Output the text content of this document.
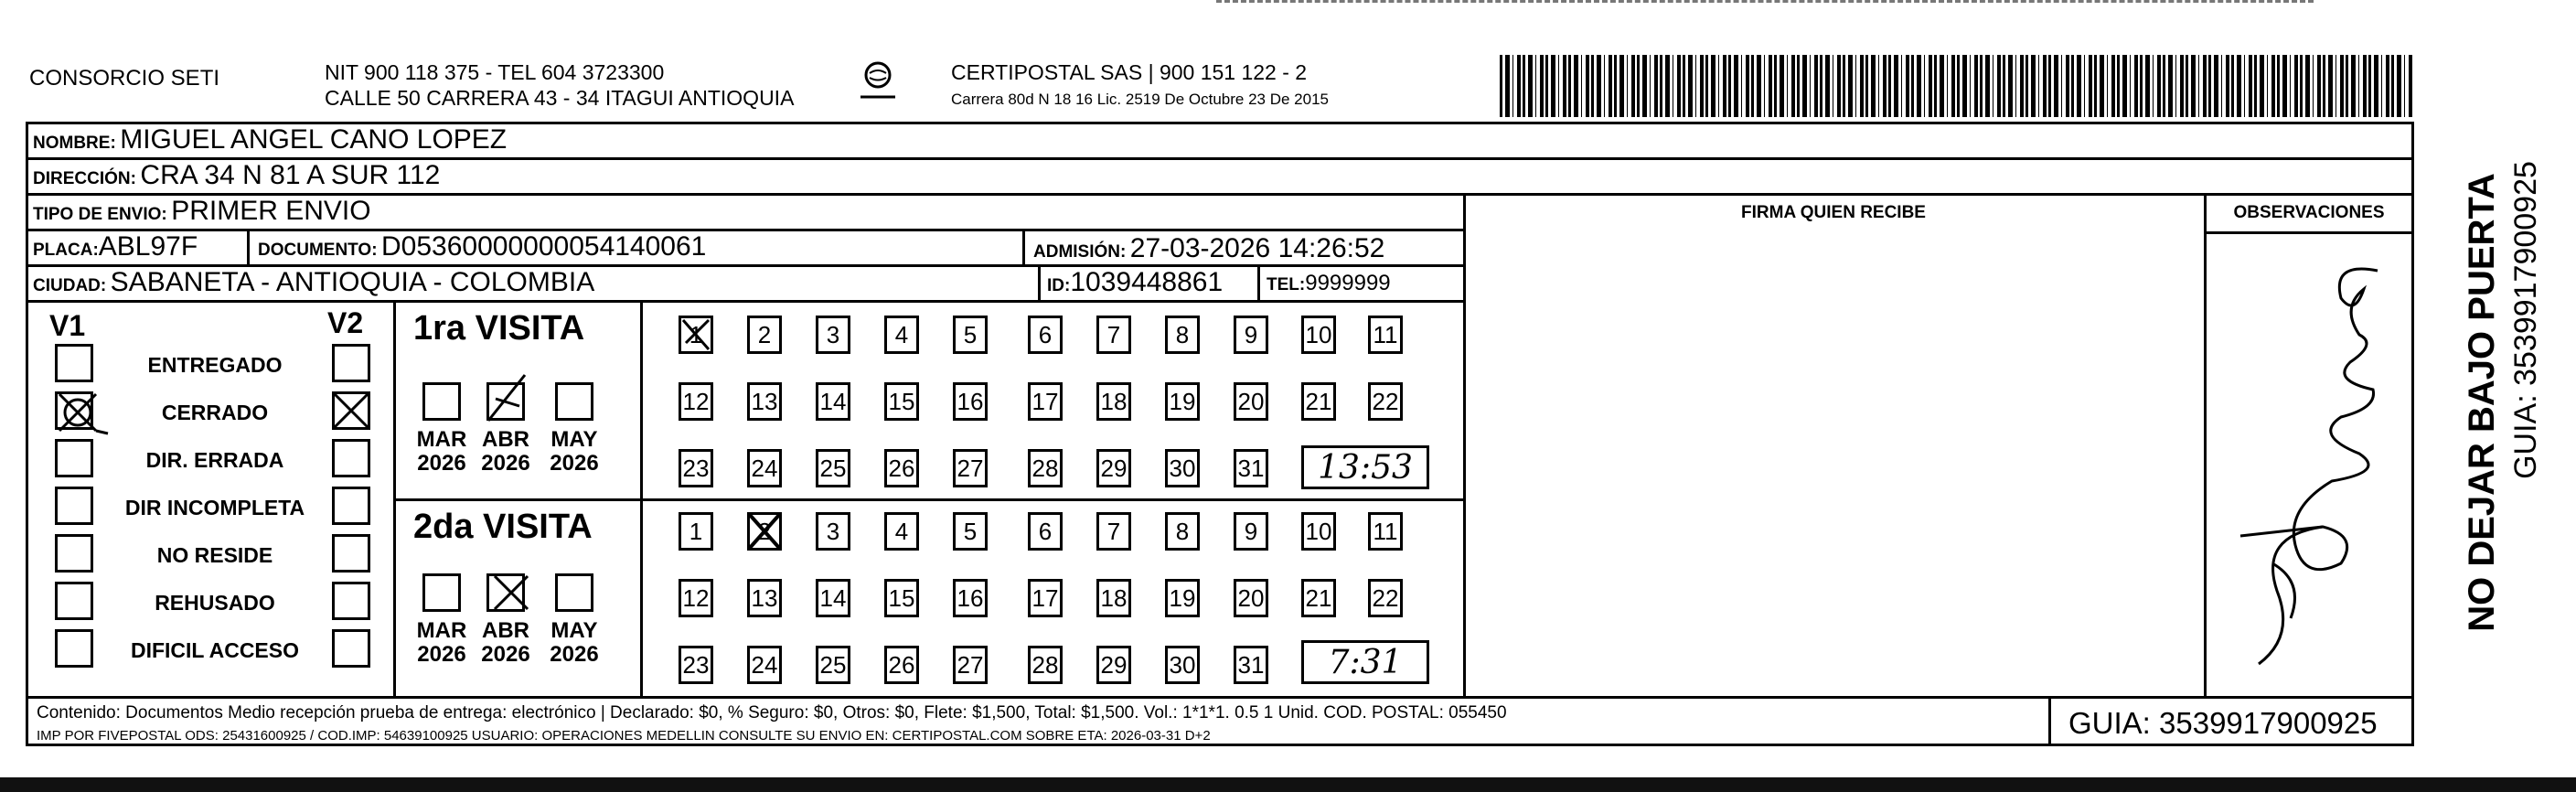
CONSORCIO SETI	NIT 900 118 375 - TEL 604 3723300
CALLE 50 CARRERA 43 - 34 ITAGUI ANTIOQUIA
CERTIPOSTAL SAS | 900 151 122 - 2
Carrera 80d N 18 16 Lic. 2519 De Octubre 23 De 2015
NOMBRE: MIGUEL ANGEL CANO LOPEZ
DIRECCIÓN: CRA 34 N 81 A SUR 112
TIPO DE ENVIO: PRIMER ENVIO
PLACA:ABL97F	DOCUMENTO: D05360000000054140061	ADMISIÓN: 27-03-2026 14:26:52
CIUDAD: SABANETA - ANTIOQUIA - COLOMBIA	ID:1039448861	TEL:9999999
FIRMA QUIEN RECIBE	OBSERVACIONES
V1	V2
ENTREGADO
CERRADO
DIR. ERRADA
DIR INCOMPLETA
NO RESIDE
REHUSADO
DIFICIL ACCESO
1ra VISITA
2da VISITA
MAR
2026
ABR
2026
MAY
2026
MAR
2026
ABR
2026
MAY
2026
1	2	3	4	5	6	7	8	9	10 11
12 13 14 15 16 17 18 19 20 21 22
23 24 25 26 27 28 29 30 31
1	2	3	4	5	6	7	8	9	10 11
12 13 14 15 16 17 18 19 20 21 22
23 24 25 26 27 28 29 30 31
13:53
7:31
Contenido: Documentos Medio recepción prueba de entrega: electrónico | Declarado: $0, % Seguro: $0, Otros: $0, Flete: $1,500, Total: $1,500. Vol.: 1*1*1. 0.5 1 Unid. COD. POSTAL: 055450
IMP POR FIVEPOSTAL ODS: 25431600925 / COD.IMP: 54639100925 USUARIO: OPERACIONES MEDELLIN CONSULTE SU ENVIO EN: CERTIPOSTAL.COM SOBRE ETA: 2026-03-31 D+2	GUIA: 3539917900925
NO DEJAR BAJO PUERTA GUIA: 3539917900925
